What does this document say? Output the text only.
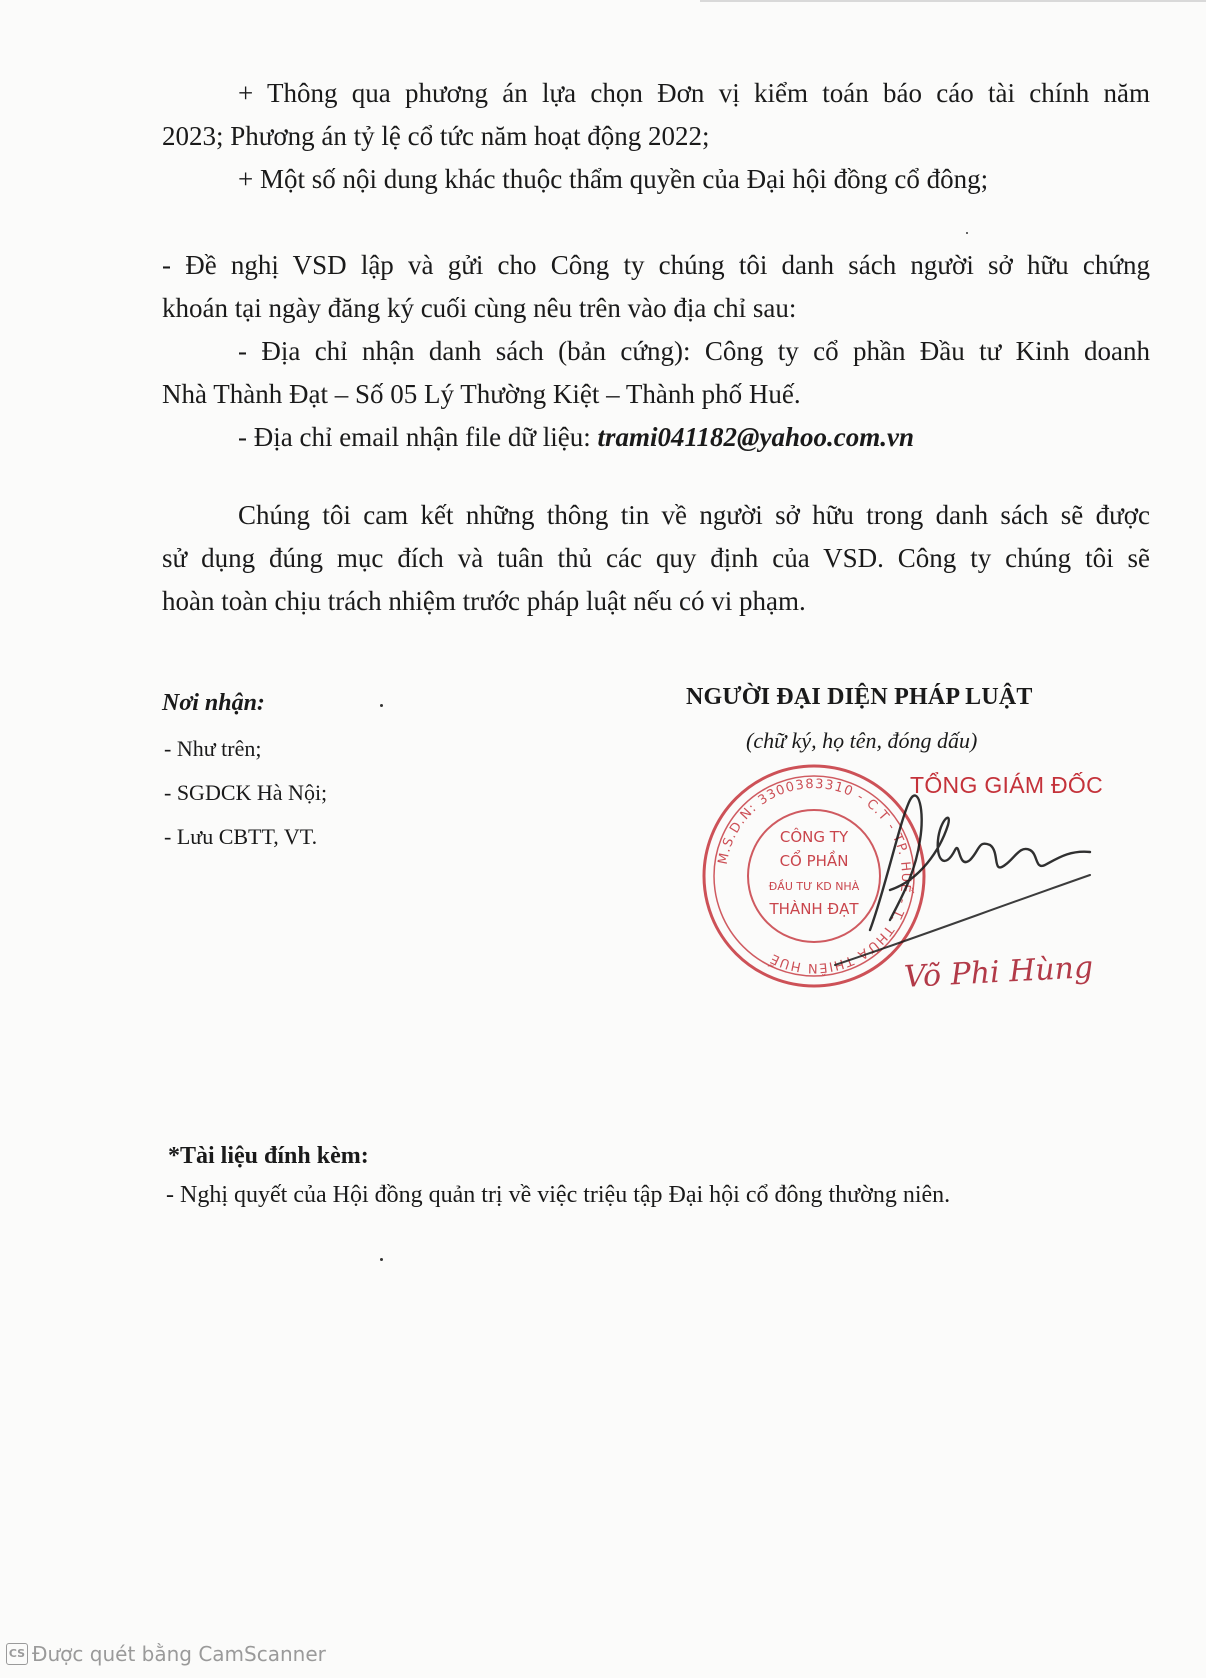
+ Thông qua phương án lựa chọn Đơn vị kiểm toán báo cáo tài chính năm
2023; Phương án tỷ lệ cổ tức năm hoạt động 2022;
+ Một số nội dung khác thuộc thẩm quyền của Đại hội đồng cổ đông;
- Đề nghị VSD lập và gửi cho Công ty chúng tôi danh sách người sở hữu chứng
khoán tại ngày đăng ký cuối cùng nêu trên vào địa chỉ sau:
- Địa chỉ nhận danh sách (bản cứng): Công ty cổ phần Đầu tư Kinh doanh
Nhà Thành Đạt – Số 05 Lý Thường Kiệt – Thành phố Huế.
- Địa chỉ email nhận file dữ liệu: trami041182@yahoo.com.vn
Chúng tôi cam kết những thông tin về người sở hữu trong danh sách sẽ được
sử dụng đúng mục đích và tuân thủ các quy định của VSD. Công ty chúng tôi sẽ
hoàn toàn chịu trách nhiệm trước pháp luật nếu có vi phạm.
Nơi nhận:
- Như trên;
- SGDCK Hà Nội;
- Lưu CBTT, VT.
NGƯỜI ĐẠI DIỆN PHÁP LUẬT
(chữ ký, họ tên, đóng dấu)
M.S.D.N: 3300383310 - C.T - TP. HUẾ - T. THỪA THIÊN HUẾ
CÔNG TY
CỔ PHẦN
ĐẦU TƯ KD NHÀ
THÀNH ĐẠT
TỔNG GIÁM ĐỐC
Võ Phi Hùng
*Tài liệu đính kèm:
- Nghị quyết của Hội đồng quản trị về việc triệu tập Đại hội cổ đông thường niên.
CS Được quét bằng CamScanner
